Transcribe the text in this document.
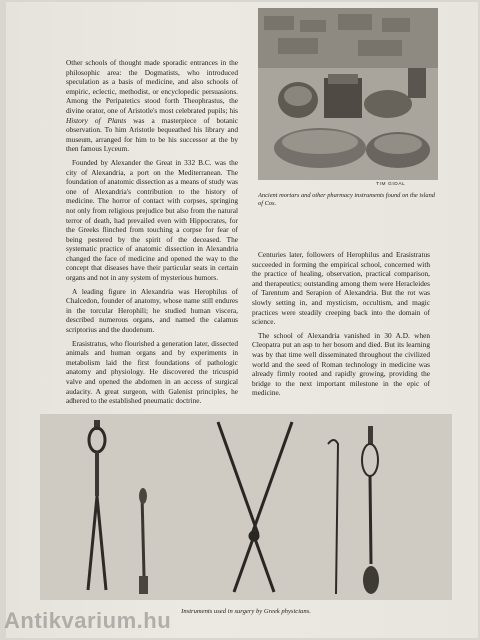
Other schools of thought made sporadic entrances in the philosophic area: the Dogmatists, who introduced speculation as a basis of medicine, and also schools of empiric, eclectic, methodist, or encyclopedic persuasions. Among the Peripatetics stood forth Theophrastus, the divine orator, one of Aristotle's most celebrated pupils; his History of Plants was a masterpiece of botanic observation. To him Aristotle bequeathed his library and museum, arranged for him to be his successor at the by then famous Lyceum.

Founded by Alexander the Great in 332 B.C. was the city of Alexandria, a port on the Mediterranean. The foundation of anatomic dissection as a means of study was one of Alexandria's contribution to the history of medicine. The horror of contact with corpses, springing not only from religious prejudice but also from the natural terror of death, had prevailed even with Hippocrates, for the Greeks flinched from touching a corpse for fear of being pestered by the spirit of the deceased. The systematic practice of anatomic dissection in Alexandria changed the face of medicine and opened the way to the concept that diseases have their particular seats in certain organs and not in any system of mysterious humors.

A leading figure in Alexandria was Herophilus of Chalcedon, founder of anatomy, whose name still endures in the torcular Herophili; he studied human viscera, described numerous organs, and named the calamus scriptorius and the duodenum.

Erasistratus, who flourished a generation later, dissected animals and human organs and by experiments in metabolism laid the first foundations of pathologic anatomy and physiology. He discovered the tricuspid valve and opened the abdomen in an access of surgical audacity. A great surgeon, with Galenist principles, he adhered to the established pneumatic doctrine.

TIM GIDAL
Ancient mortars and other pharmacy instruments found on the island of Cos.

Centuries later, followers of Herophilus and Erasistratus succeeded in forming the empirical school, concerned with the practice of healing, observation, practical comparison, and therapeutics; outstanding among them were Heracleides of Tarentum and Serapion of Alexandria. But the rot was slowly setting in, and mysticism, occultism, and magic practices were steadily creeping back into the domain of science.

The school of Alexandria vanished in 30 A.D. when Cleopatra put an asp to her bosom and died. But its learning was by that time well disseminated throughout the civilized world and the seed of Roman technology in medicine was already firmly rooted and rapidly growing, providing the bridge to the next important milestone in the epic of medicine.

Instruments used in surgery by Greek physicians.
Antikvarium.hu
